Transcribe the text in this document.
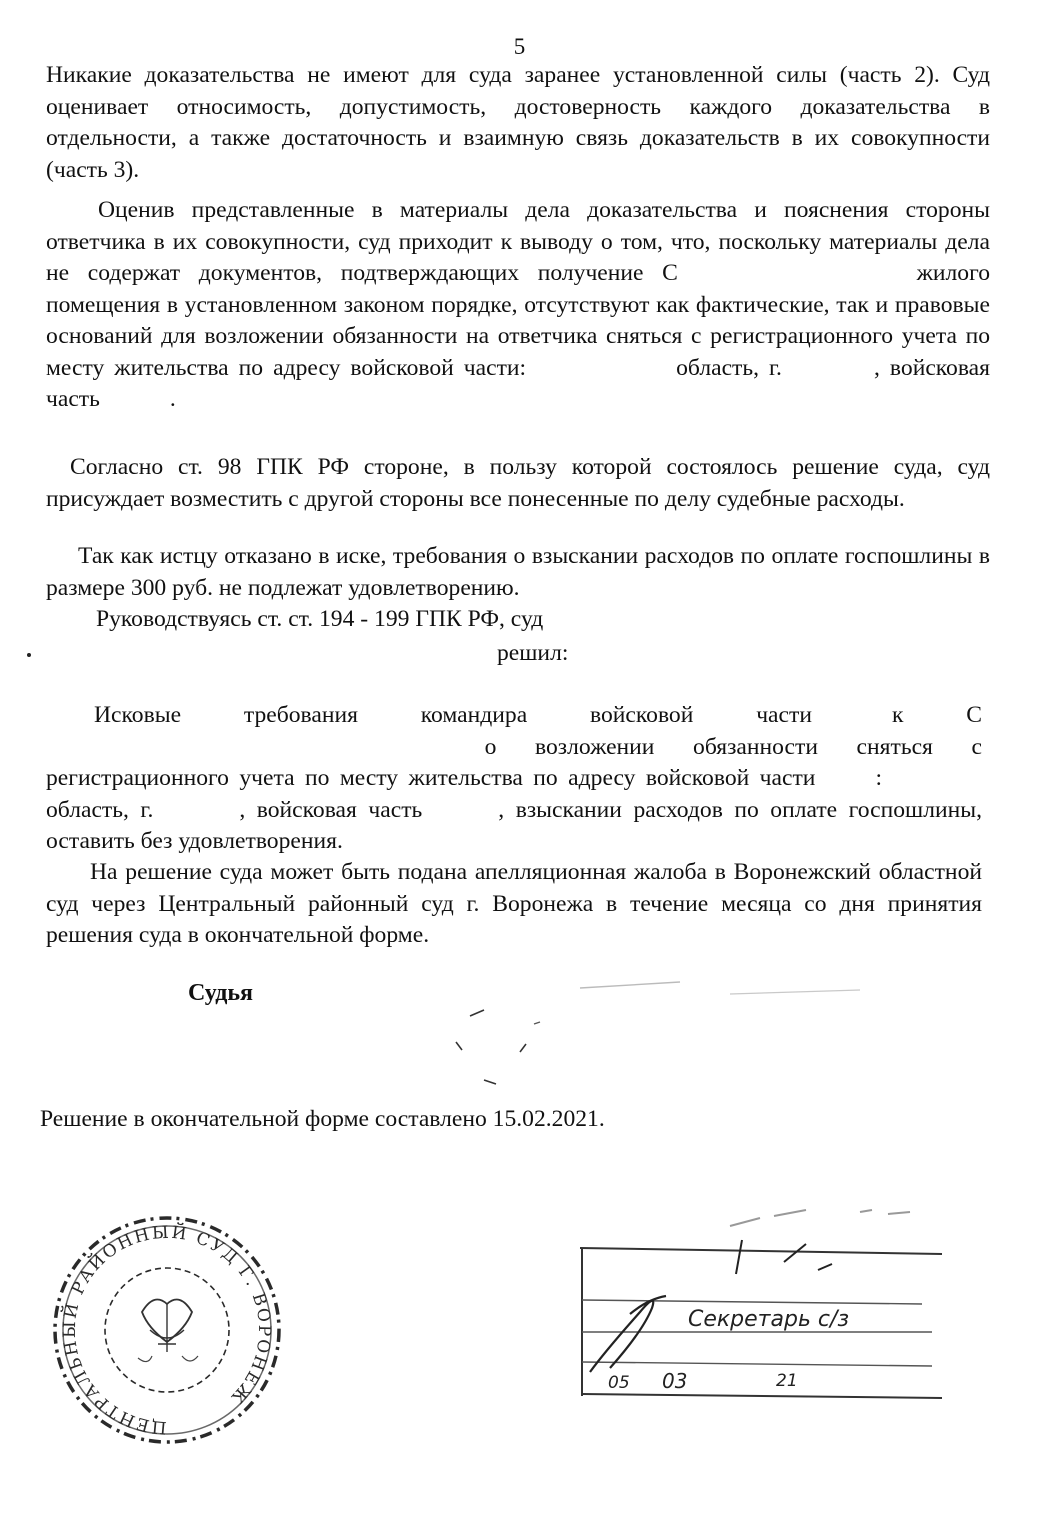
5

Никакие доказательства не имеют для суда заранее установленной силы (часть 2). Суд оценивает относимость, допустимость, достоверность каждого доказательства в отдельности, а также достаточность и взаимную связь доказательств в их совокупности (часть 3).

Оценив представленные в материалы дела доказательства и пояснения стороны ответчика в их совокупности, суд приходит к выводу о том, что, поскольку материалы дела не содержат документов, подтверждающих получение С	жилого помещения в установленном законом порядке, отсутствуют как фактические, так и правовые оснований для возложении обязанности на ответчика сняться с регистрационного учета по месту жительства по адресу войсковой части:	область, г.	, войсковая часть	.

Согласно ст. 98 ГПК РФ стороне, в пользу которой состоялось решение суда, суд присуждает возместить с другой стороны все понесенные по делу судебные расходы.

Так как истцу отказано в иске, требования о взыскании расходов по оплате госпошлины в размере 300 руб. не подлежат удовлетворению.

Руководствуясь ст. ст. 194 - 199 ГПК РФ, суд
решил:

Исковые требования командира войсковой части	к С о возложении обязанности сняться с регистрационного учета по месту жительства по адресу войсковой части	: область, г.	, войсковая часть	, взыскании расходов по оплате госпошлины, оставить без удовлетворения.

На решение суда может быть подана апелляционная жалоба в Воронежский областной суд через Центральный районный суд г. Воронежа в течение месяца со дня принятия решения суда в окончательной форме.

Судья
Решение в окончательной форме составлено 15.02.2021.
ЦЕНТРАЛЬНЫЙ РАЙОННЫЙ СУД Г. ВОРОНЕЖ
Секретарь с/з
05 03	21
